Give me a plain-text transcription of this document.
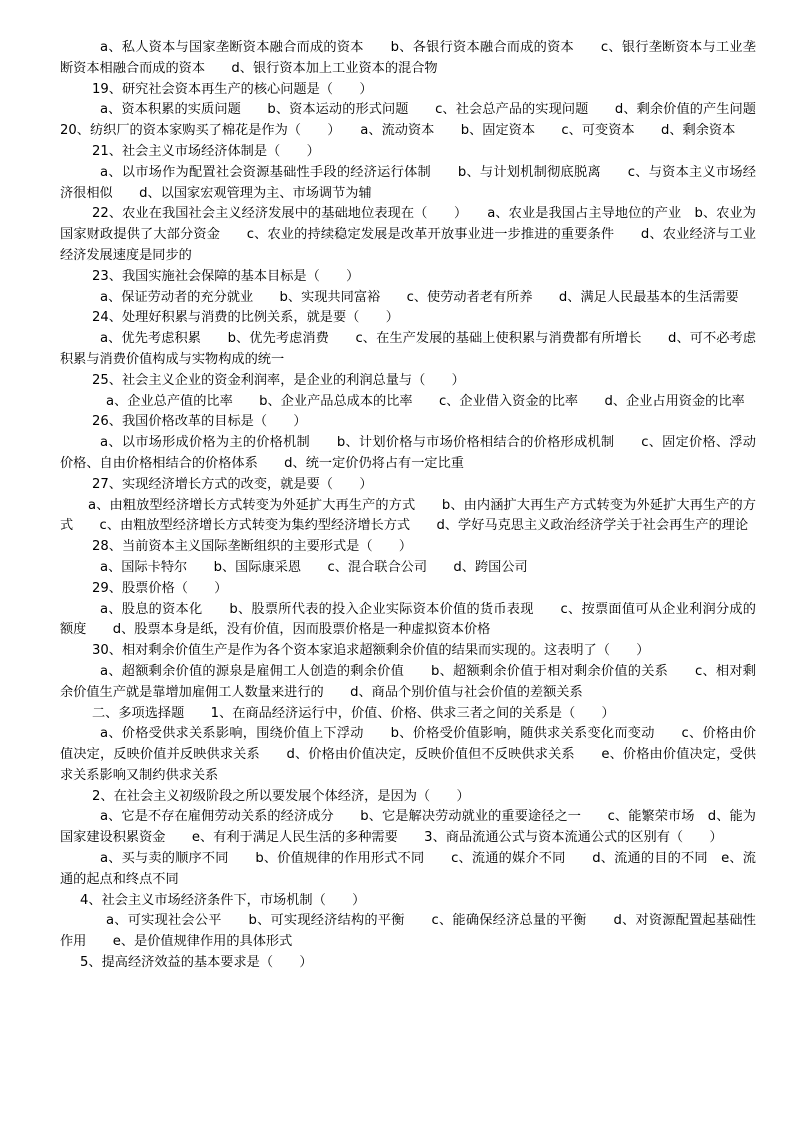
a、私人资本与国家垄断资本融合而成的资本　　b、各银行资本融合而成的资本　　c、银行垄断资本与工业垄断资本相融合而成的资本　　d、银行资本加上工业资本的混合物

19、研究社会资本再生产的核心问题是（　　）

a、资本积累的实质问题　　b、资本运动的形式问题　　c、社会总产品的实现问题　　d、剩余价值的产生问题　　20、纺织厂的资本家购买了棉花是作为（　　）　　a、流动资本　　b、固定资本　　c、可变资本　　d、剩余资本

21、社会主义市场经济体制是（　　）

a、以市场作为配置社会资源基础性手段的经济运行体制　　b、与计划机制彻底脱离　　c、与资本主义市场经济很相似　　d、以国家宏观管理为主、市场调节为辅

22、农业在我国社会主义经济发展中的基础地位表现在（　　）　　a、农业是我国占主导地位的产业　b、农业为国家财政提供了大部分资金　　c、农业的持续稳定发展是改革开放事业进一步推进的重要条件　　d、农业经济与工业经济发展速度是同步的

23、我国实施社会保障的基本目标是（　　）

a、保证劳动者的充分就业　　b、实现共同富裕　　c、使劳动者老有所养　　d、满足人民最基本的生活需要

24、处理好积累与消费的比例关系，就是要（　　）

a、优先考虑积累　　b、优先考虑消费　　c、在生产发展的基础上使积累与消费都有所增长　　d、可不必考虑积累与消费价值构成与实物构成的统一

25、社会主义企业的资金利润率，是企业的利润总量与（　　）

a、企业总产值的比率　　b、企业产品总成本的比率　　c、企业借入资金的比率　　d、企业占用资金的比率

26、我国价格改革的目标是（　　）

a、以市场形成价格为主的价格机制　　b、计划价格与市场价格相结合的价格形成机制　　c、固定价格、浮动价格、自由价格相结合的价格体系　　d、统一定价仍将占有一定比重

27、实现经济增长方式的改变，就是要（　　）

a、由粗放型经济增长方式转变为外延扩大再生产的方式　　b、由内涵扩大再生产方式转变为外延扩大再生产的方式　　c、由粗放型经济增长方式转变为集约型经济增长方式　　d、学好马克思主义政治经济学关于社会再生产的理论

28、当前资本主义国际垄断组织的主要形式是（　　）

a、国际卡特尔　　b、国际康采恩　　c、混合联合公司　　d、跨国公司

29、股票价格（　　）

a、股息的资本化　　b、股票所代表的投入企业实际资本价值的货币表现　　c、按票面值可从企业利润分成的额度　　d、股票本身是纸，没有价值，因而股票价格是一种虚拟资本价格

30、相对剩余价值生产是作为各个资本家追求超额剩余价值的结果而实现的。这表明了（　　）

a、超额剩余价值的源泉是雇佣工人创造的剩余价值　　b、超额剩余价值于相对剩余价值的关系　　c、相对剩余价值生产就是靠增加雇佣工人数量来进行的　　d、商品个别价值与社会价值的差额关系

二、多项选择题　　1、在商品经济运行中，价值、价格、供求三者之间的关系是（　　）

a、价格受供求关系影响，围绕价值上下浮动　　b、价格受价值影响，随供求关系变化而变动　　c、价格由价值决定，反映价值并反映供求关系　　d、价格由价值决定，反映价值但不反映供求关系　　e、价格由价值决定，受供求关系影响又制约供求关系

2、在社会主义初级阶段之所以要发展个体经济，是因为（　　）

a、它是不存在雇佣劳动关系的经济成分　　b、它是解决劳动就业的重要途径之一　　c、能繁荣市场　d、能为国家建设积累资金　　e、有利于满足人民生活的多种需要　　3、商品流通公式与资本流通公式的区别有（　　）

a、买与卖的顺序不同　　b、价值规律的作用形式不同　　c、流通的媒介不同　　d、流通的目的不同　e、流通的起点和终点不同

4、社会主义市场经济条件下，市场机制（　　）

a、可实现社会公平　　b、可实现经济结构的平衡　　c、能确保经济总量的平衡　　d、对资源配置起基础性作用　　e、是价值规律作用的具体形式

5、提高经济效益的基本要求是（　　）
